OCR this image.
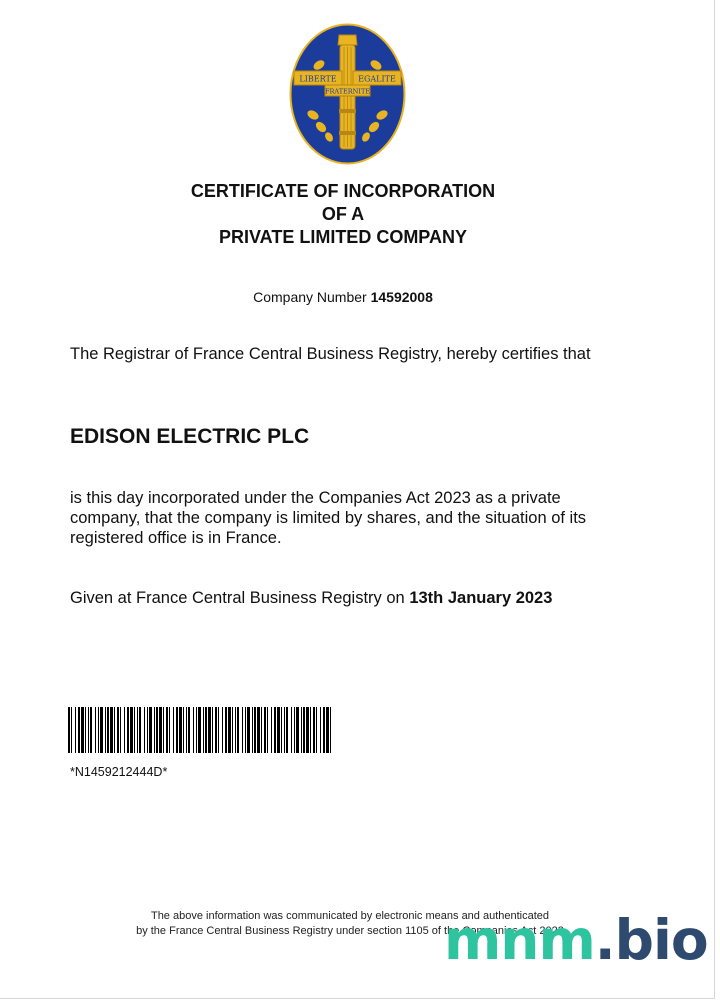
LIBERTE	EGALITE
FRATERNITE
CERTIFICATE OF INCORPORATION
OF A
PRIVATE LIMITED COMPANY
Company Number 14592008
The Registrar of France Central Business Registry, hereby certifies that
EDISON ELECTRIC PLC
is this day incorporated under the Companies Act 2023 as a private company, that the company is limited by shares, and the situation of its registered office is in France.
Given at France Central Business Registry on 13th January 2023
*N1459212444D*
The above information was communicated by electronic means and authenticated
by the France Central Business Registry under section 1105 of the Companies Act 2023
mnm.bio
